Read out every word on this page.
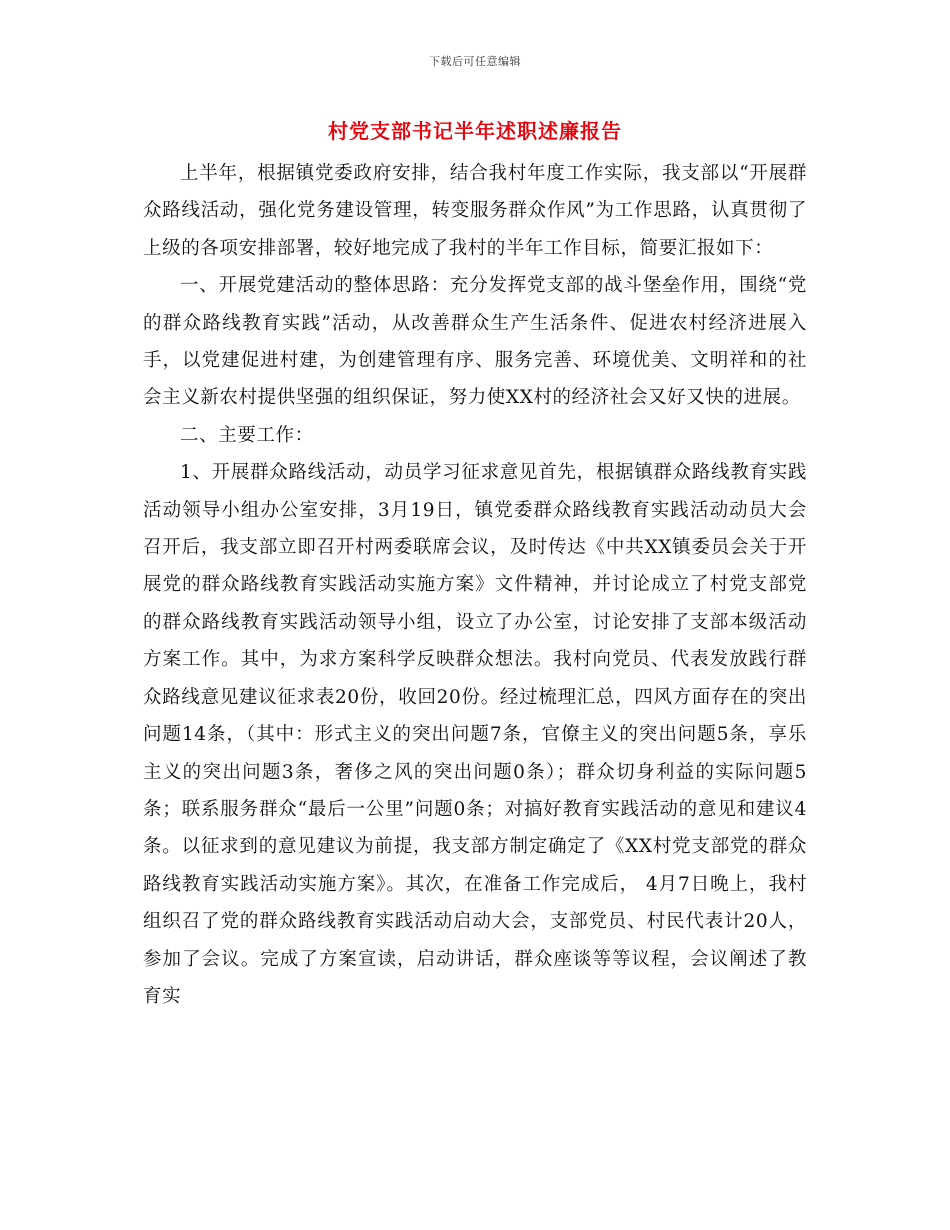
下载后可任意编辑
村党支部书记半年述职述廉报告

上半年，根据镇党委政府安排，结合我村年度工作实际，我支部以“开展群众路线活动，强化党务建设管理，转变服务群众作风”为工作思路，认真贯彻了上级的各项安排部署，较好地完成了我村的半年工作目标，简要汇报如下：

一、开展党建活动的整体思路：充分发挥党支部的战斗堡垒作用，围绕“党的群众路线教育实践”活动，从改善群众生产生活条件、促进农村经济进展入手，以党建促进村建，为创建管理有序、服务完善、环境优美、文明祥和的社会主义新农村提供坚强的组织保证，努力使XX村的经济社会又好又快的进展。

二、主要工作：

1、开展群众路线活动，动员学习征求意见首先，根据镇群众路线教育实践活动领导小组办公室安排，3月19日，镇党委群众路线教育实践活动动员大会召开后，我支部立即召开村两委联席会议，及时传达《中共XX镇委员会关于开展党的群众路线教育实践活动实施方案》文件精神，并讨论成立了村党支部党的群众路线教育实践活动领导小组，设立了办公室，讨论安排了支部本级活动方案工作。其中，为求方案科学反映群众想法。我村向党员、代表发放践行群众路线意见建议征求表20份，收回20份。经过梳理汇总，四风方面存在的突出问题14条，（其中：形式主义的突出问题7条，官僚主义的突出问题5条，享乐主义的突出问题3条，奢侈之风的突出问题0条）；群众切身利益的实际问题5条；联系服务群众“最后一公里”问题0条；对搞好教育实践活动的意见和建议4条。以征求到的意见建议为前提，我支部方制定确定了《XX村党支部党的群众路线教育实践活动实施方案》。其次，在准备工作完成后， 4月7日晚上，我村组织召了党的群众路线教育实践活动启动大会，支部党员、村民代表计20人，参加了会议。完成了方案宣读，启动讲话，群众座谈等等议程，会议阐述了教育实
